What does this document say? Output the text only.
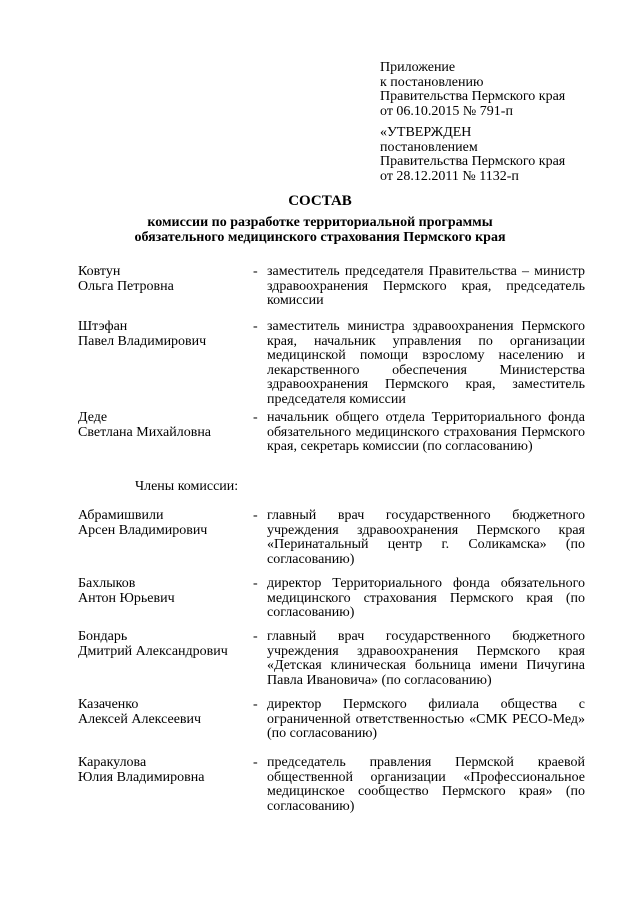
Приложение
к постановлению
Правительства Пермского края
от 06.10.2015 № 791-п
«УТВЕРЖДЕН
постановлением
Правительства Пермского края
от 28.12.2011 № 1132-п
СОСТАВ
комиссии по разработке территориальной программы
обязательного медицинского страхования Пермского края
Ковтун
Ольга Петровна
- заместитель председателя Правительства – министр здравоохранения Пермского края, председатель комиссии
Штэфан
Павел Владимирович
- заместитель министра здравоохранения Пермского края, начальник управления по организации медицинской помощи взрослому населению и лекарственного обеспечения Министерства здравоохранения Пермского края, заместитель председателя комиссии
Деде
Светлана Михайловна
- начальник общего отдела Территориального фонда обязательного медицинского страхования Пермского края, секретарь комиссии (по согласованию)
Члены комиссии:
Абрамишвили
Арсен Владимирович
- главный врач государственного бюджетного учреждения здравоохранения Пермского края «Перинатальный центр г. Соликамска» (по согласованию)
Бахлыков
Антон Юрьевич
- директор Территориального фонда обязательного медицинского страхования Пермского края (по согласованию)
Бондарь
Дмитрий Александрович
- главный врач государственного бюджетного учреждения здравоохранения Пермского края «Детская клиническая больница имени Пичугина Павла Ивановича» (по согласованию)
Казаченко
Алексей Алексеевич
- директор Пермского филиала общества с ограниченной ответственностью «СМК РЕСО-Мед» (по согласованию)
Каракулова
Юлия Владимировна
- председатель правления Пермской краевой общественной организации «Профессиональное медицинское сообщество Пермского края» (по согласованию)
